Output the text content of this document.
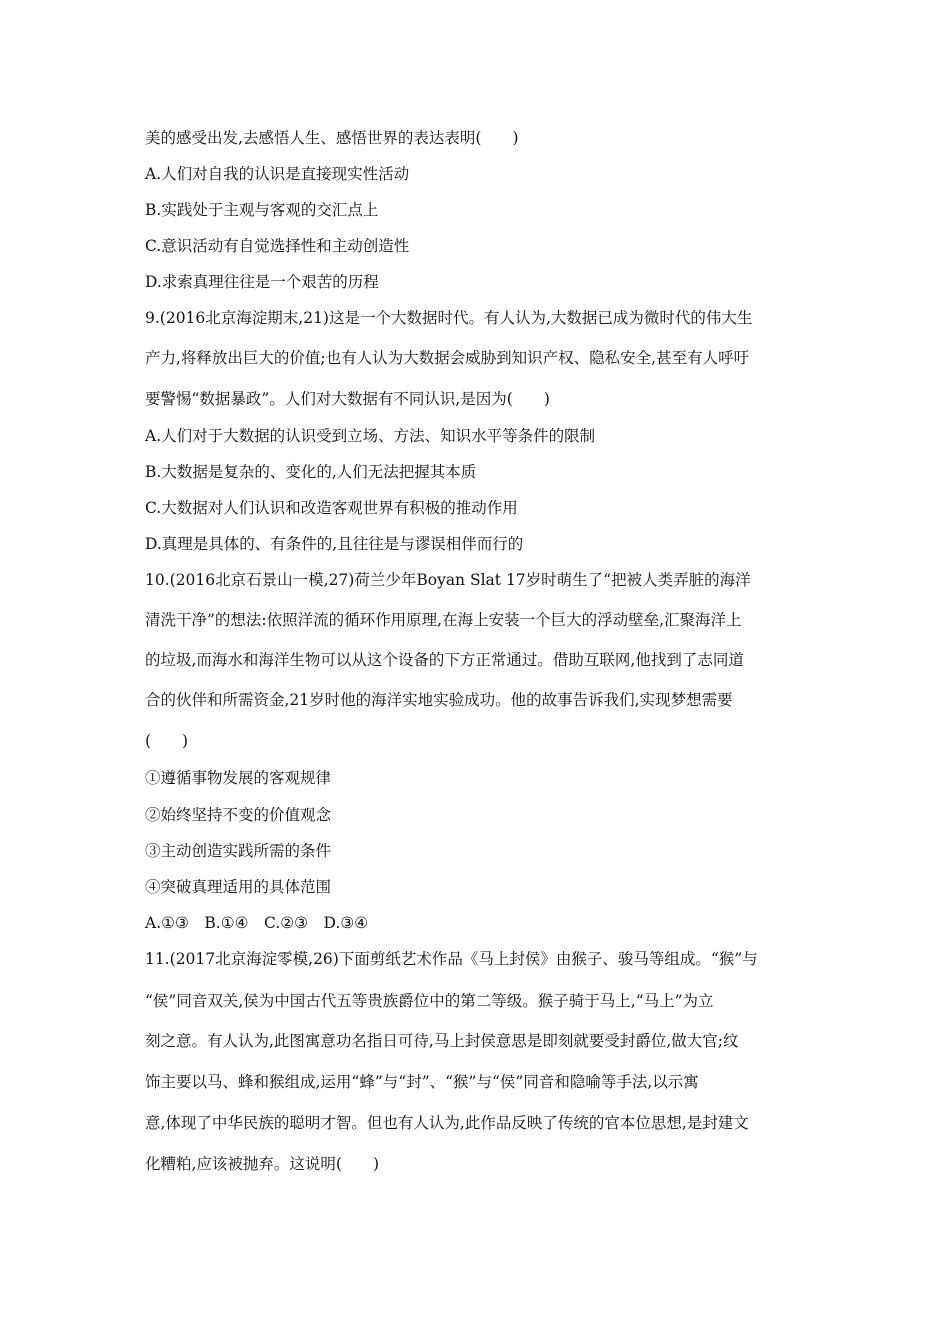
美的感受出发,去感悟人生、感悟世界的表达表明(　　)
A.人们对自我的认识是直接现实性活动
B.实践处于主观与客观的交汇点上
C.意识活动有自觉选择性和主动创造性
D.求索真理往往是一个艰苦的历程
9.(2016北京海淀期末,21)这是一个大数据时代。有人认为,大数据已成为微时代的伟大生
产力,将释放出巨大的价值;也有人认为大数据会威胁到知识产权、隐私安全,甚至有人呼吁
要警惕“数据暴政”。人们对大数据有不同认识,是因为(　　)
A.人们对于大数据的认识受到立场、方法、知识水平等条件的限制
B.大数据是复杂的、变化的,人们无法把握其本质
C.大数据对人们认识和改造客观世界有积极的推动作用
D.真理是具体的、有条件的,且往往是与谬误相伴而行的
10.(2016北京石景山一模,27)荷兰少年Boyan Slat 17岁时萌生了“把被人类弄脏的海洋
清洗干净”的想法:依照洋流的循环作用原理,在海上安装一个巨大的浮动壁垒,汇聚海洋上
的垃圾,而海水和海洋生物可以从这个设备的下方正常通过。借助互联网,他找到了志同道
合的伙伴和所需资金,21岁时他的海洋实地实验成功。他的故事告诉我们,实现梦想需要
(　　)
①遵循事物发展的客观规律
②始终坚持不变的价值观念
③主动创造实践所需的条件
④突破真理适用的具体范围
A.①③　B.①④　C.②③　D.③④
11.(2017北京海淀零模,26)下面剪纸艺术作品《马上封侯》由猴子、骏马等组成。“猴”与
“侯”同音双关,侯为中国古代五等贵族爵位中的第二等级。猴子骑于马上,“马上”为立
刻之意。有人认为,此图寓意功名指日可待,马上封侯意思是即刻就要受封爵位,做大官;纹
饰主要以马、蜂和猴组成,运用“蜂”与“封”、“猴”与“侯”同音和隐喻等手法,以示寓
意,体现了中华民族的聪明才智。但也有人认为,此作品反映了传统的官本位思想,是封建文
化糟粕,应该被抛弃。这说明(　　)
